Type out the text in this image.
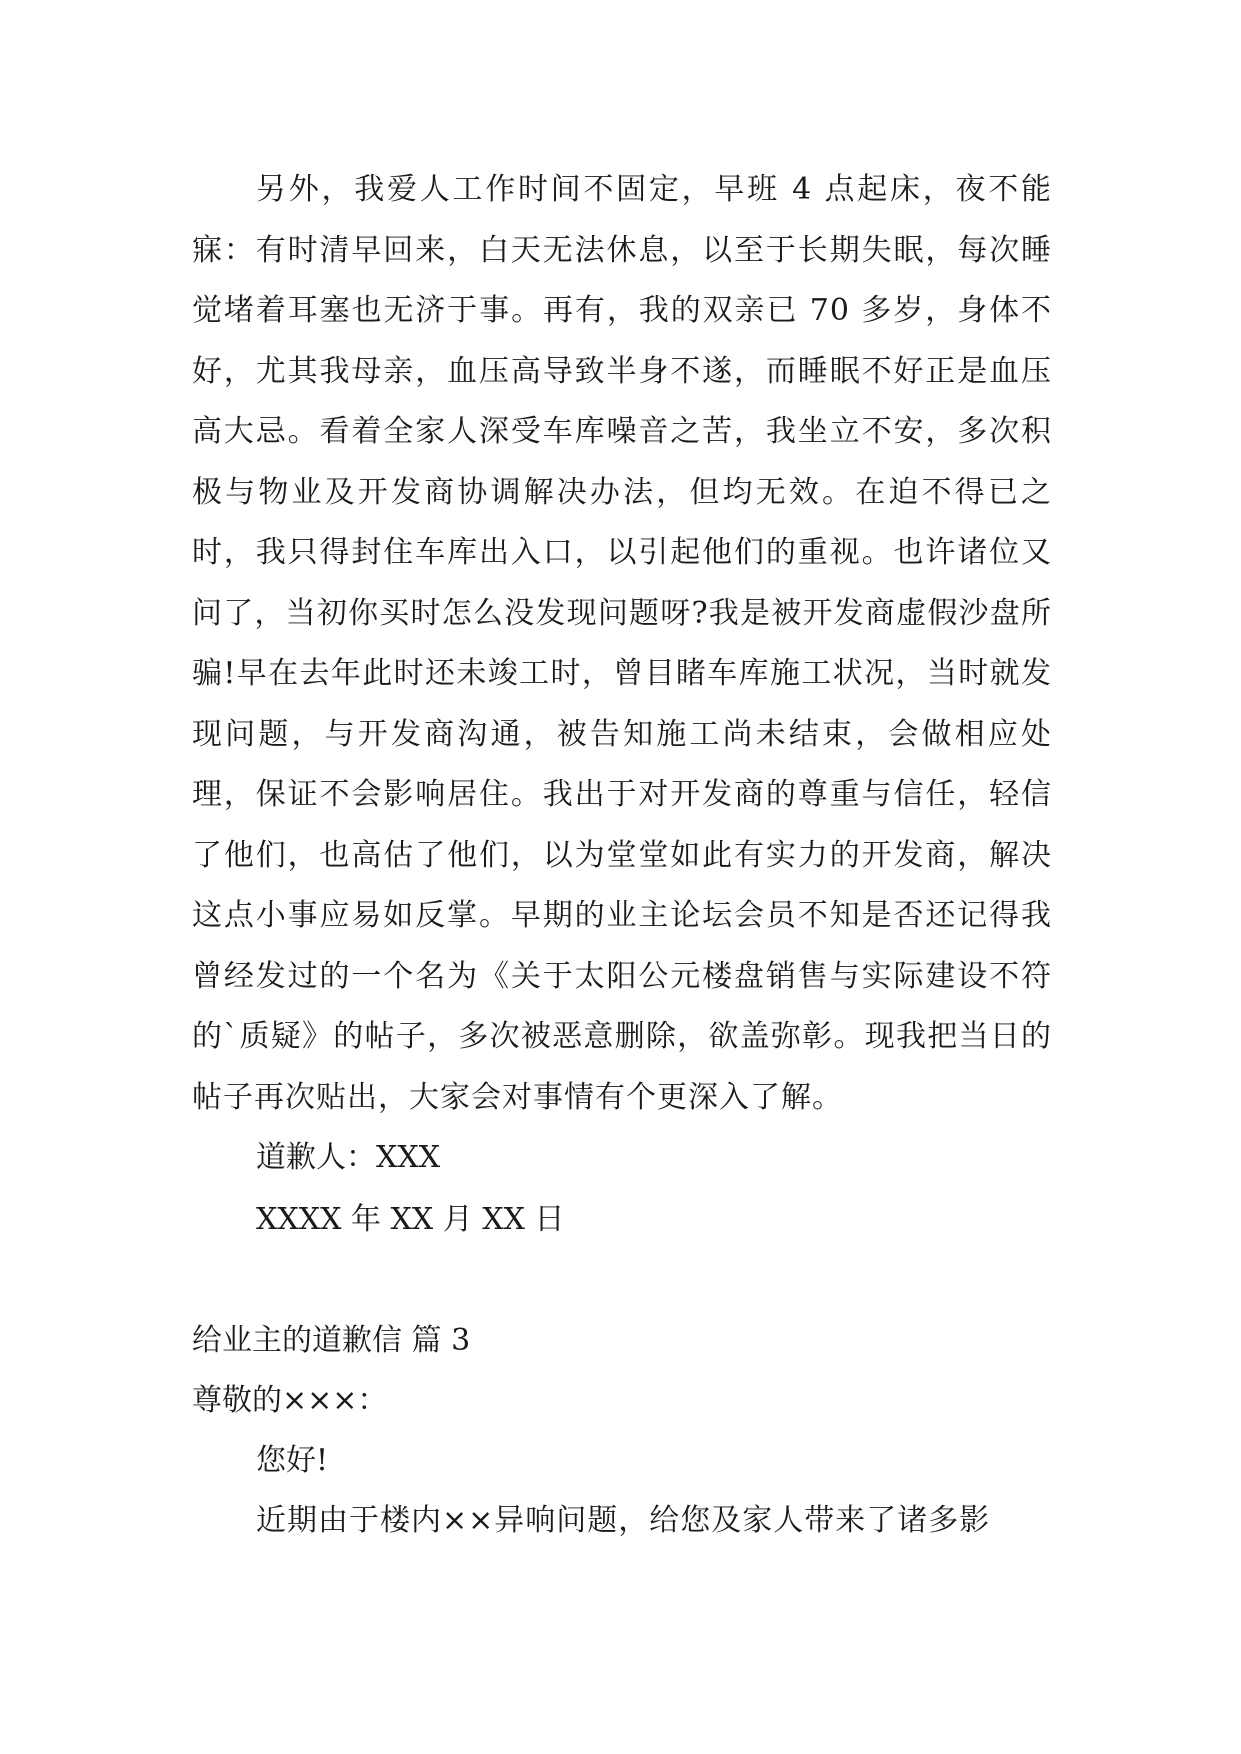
另外，我爱人工作时间不固定，早班 4 点起床，夜不能寐：有时清早回来，白天无法休息，以至于长期失眠，每次睡觉堵着耳塞也无济于事。再有，我的双亲已 70 多岁，身体不好，尤其我母亲，血压高导致半身不遂，而睡眠不好正是血压高大忌。看着全家人深受车库噪音之苦，我坐立不安，多次积极与物业及开发商协调解决办法，但均无效。在迫不得已之时，我只得封住车库出入口，以引起他们的重视。也许诸位又问了，当初你买时怎么没发现问题呀?我是被开发商虚假沙盘所骗!早在去年此时还未竣工时，曾目睹车库施工状况，当时就发现问题，与开发商沟通，被告知施工尚未结束，会做相应处理，保证不会影响居住。我出于对开发商的尊重与信任，轻信了他们，也高估了他们，以为堂堂如此有实力的开发商，解决这点小事应易如反掌。早期的业主论坛会员不知是否还记得我曾经发过的一个名为《关于太阳公元楼盘销售与实际建设不符的`质疑》的帖子，多次被恶意删除，欲盖弥彰。现我把当日的帖子再次贴出，大家会对事情有个更深入了解。

道歉人：XXX

XXXX 年 XX 月 XX 日

给业主的道歉信 篇 3

尊敬的×××：

您好!

近期由于楼内××异响问题，给您及家人带来了诸多影
